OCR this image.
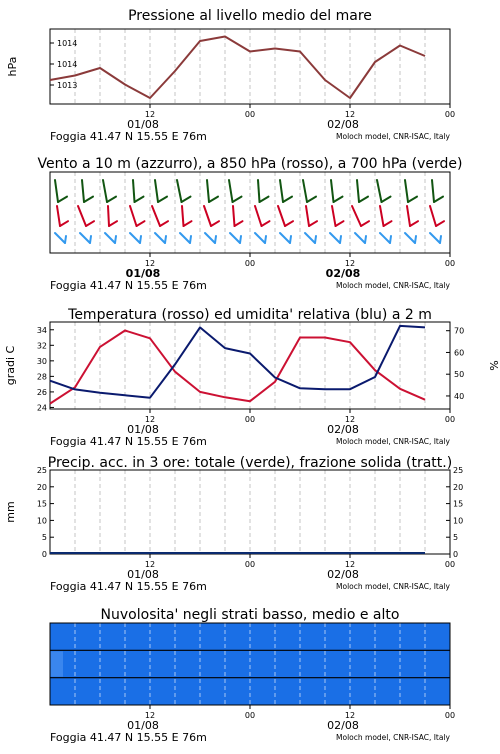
Pressione al livello medio del mare
1013
1014
1014
hPa
12	00	12	00
01/08	02/08
Foggia 41.47 N 15.55 E 76m	Moloch model, CNR-ISAC, Italy
Vento a 10 m (azzurro), a 850 hPa (rosso), a 700 hPa (verde)
12	00	12	00
01/08	02/08
Foggia 41.47 N 15.55 E 76m	Moloch model, CNR-ISAC, Italy
Temperatura (rosso) ed umidita' relativa (blu) a 2 m
24
26
28
30
32
34
40
50
60
70
gradi C	%
12	00	12	00
01/08	02/08
Foggia 41.47 N 15.55 E 76m	Moloch model, CNR-ISAC, Italy
Precip. acc. in 3 ore: totale (verde), frazione solida (tratt.)
0	0
5	5
10	10
15	15
20	20
25	25
mm
12	00	12	00
01/08	02/08
Foggia 41.47 N 15.55 E 76m	Moloch model, CNR-ISAC, Italy
Nuvolosita' negli strati basso, medio e alto
12	00	12	00
01/08	02/08
Foggia 41.47 N 15.55 E 76m	Moloch model, CNR-ISAC, Italy
